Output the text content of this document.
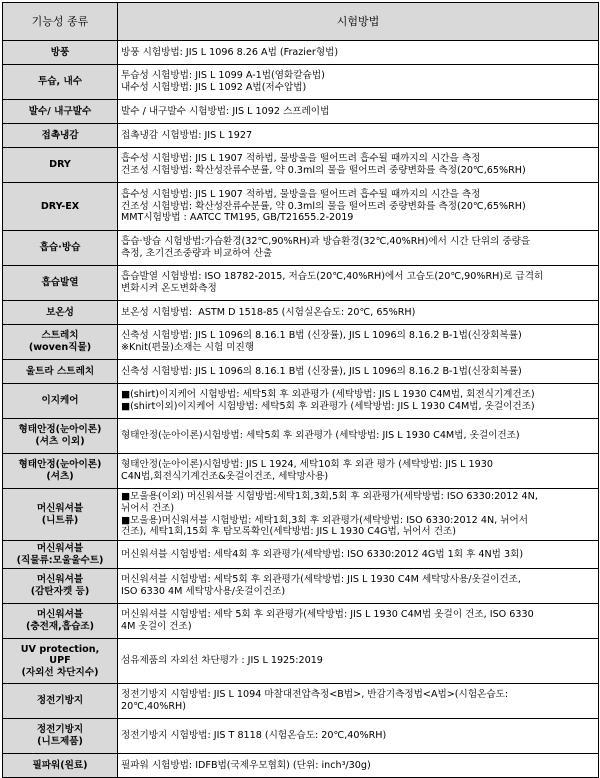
기능성 종류	시험방법

방풍	방풍 시험방법: JIS L 1096 8.26 A법 (Frazier형법)

투습, 내수	투습성 시험방법: JIS L 1099 A-1법(염화칼슘법)
내수성 시험방법: JIS L 1092 A법(저수압법)

발수/ 내구발수	발수 / 내구발수 시험방법: JIS L 1092 스프레이법

접촉냉감	접촉냉감 시험방법: JIS L 1927

DRY	흡수성 시험방법: JIS L 1907 적하법, 물방울을 떨어뜨려 흡수될 때까지의 시간을 측정
건조성 시험방법: 확산성잔류수분률, 약 0.3ml의 물을 떨어뜨려 중량변화를 측정(20℃,65%RH)

DRY-EX	흡수성 시험방법: JIS L 1907 적하법, 물방울을 떨어뜨려 흡수될 때까지의 시간을 측정
건조성 시험방법: 확산성잔류수분률, 약 0.3ml의 물을 떨어뜨려 중량변화를 측정(20℃,65%RH)
MMT시험방법 : AATCC TM195, GB/T21655.2-2019

흡습·방습	흡습·방습 시험방법:가습환경(32℃,90%RH)과 방습환경(32℃,40%RH)에서 시간 단위의 중량을
측정, 초기건조중량과 비교하여 산출

흡습발열	흡습발열 시험방법: ISO 18782-2015, 저습도(20℃,40%RH)에서 고습도(20℃,90%RH)로 급격히
변화시켜 온도변화측정

보온성	보온성 시험방법:  ASTM D 1518-85 (시험실온습도: 20℃, 65%RH)

스트레치
(woven직물)	신축성 시험방법: JIS L 1096의 8.16.1 B법 (신장률), JIS L 1096의 8.16.2 B-1법(신장회복률)
※Knit(편물)소재는 시험 미진행

울트라 스트레치	신축성 시험방법: JIS L 1096의 8.16.1 B법 (신장률), JIS L 1096의 8.16.2 B-1법(신장회복률)

이지케어	■(shirt)이지케어 시험방법: 세탁5회 후 외관평가 (세탁방법: JIS L 1930 C4M법, 회전식기계건조)
■(shirt이외)이지케어 시험방법: 세탁5회 후 외관평가 (세탁방법: JIS L 1930 C4M법, 옷걸이건조)

형태안정(눈아이론)
(셔츠 이외)	형태안정(눈아이론)시험방법: 세탁5회 후 외관평가 (세탁방법: JIS L 1930 C4M법, 옷걸이건조)

형태안정(눈아이론)
(셔츠)	형태안정(눈아이론)시험방법: JIS L 1924, 세탁10회 후 외관 평가 (세탁방법: JIS L 1930
C4N법,회전식기계건조&옷걸이건조, 세탁망사용)

머신워셔블
(니트류)	■모울용(이외) 머신워셔블 시험방법:세탁1회,3회,5회 후 외관평가(세탁방법: ISO 6330:2012 4N,
뉘어서 건조)
■모울용)머신워셔블 시험방법: 세탁1회,3회 후 외관평가(세탁방법: ISO 6330:2012 4N, 뉘어서
건조), 세탁1회,15회 후 탐모록확인(세탁방법: JIS L 1930 C4G법, 뉘어서 건조)

머신워셔블
(직물류:모울울수트)	머신워셔블 시험방법: 세탁4회 후 외관평가(세탁방법: ISO 6330:2012 4G법 1회 후 4N법 3회)

머신워셔블
(감탄자켓 등)	머신워셔블 시험방법: 세탁5회 후 외관평가(세탁방법: JIS L 1930 C4M 세탁망사용/옷걸이건조,
ISO 6330 4M 세탁망사용/옷걸이건조)

머신워셔블
(충전재,흡습조)	머신워셔블 시험방법: 세탁 5회 후 외관평가(세탁방법: JIS L 1930 C4M법 옷걸이 건조, ISO 6330
4M 옷걸이 건조)

UV protection,
UPF
(자외선 차단지수)	섬유제품의 자외선 차단평가 : JIS L 1925:2019

정전기방지	정전기방지 시험방법: JIS L 1094 마찰대전압측정<B법>, 반감기측정법<A법>(시험온습도:
20℃,40%RH)

정전기방지
(니트제품)	정전기방지 시험방법: JIS T 8118 (시험온습도: 20℃,40%RH)

필파워(원료)	필파워 시험방법: IDFB법(국제우모협회) (단위: inch³/30g)
